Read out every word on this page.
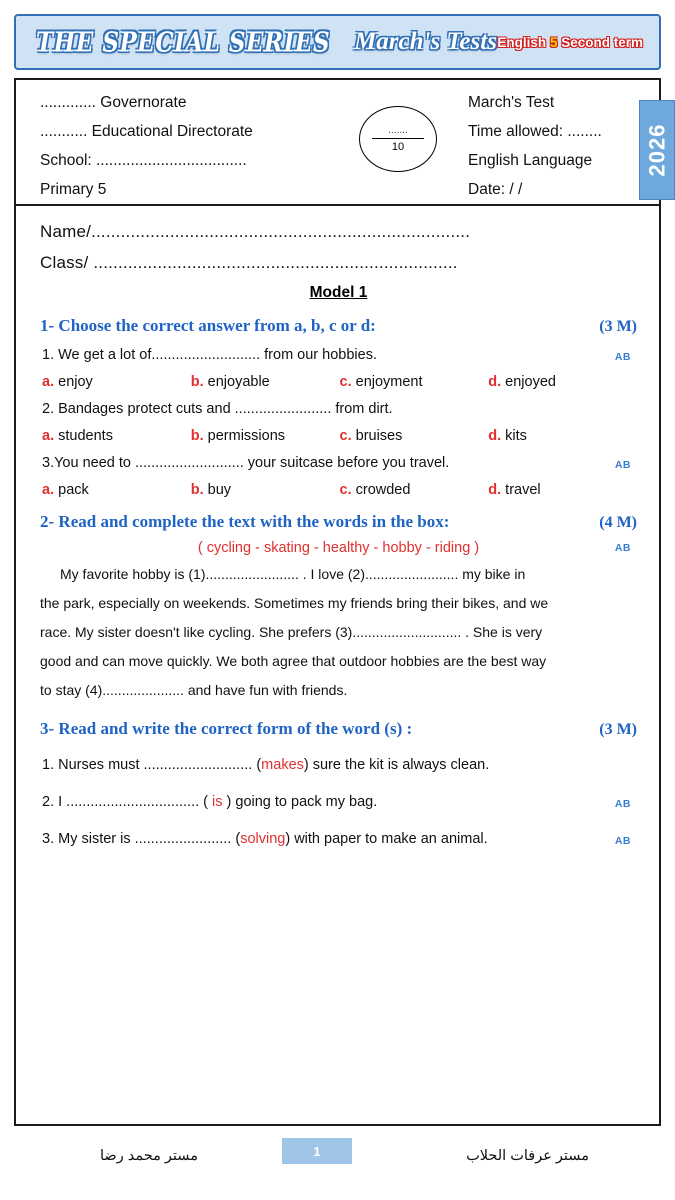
THE SPECIAL SERIES March's Tests English 5 Second term
............. Governorate
........... Educational Directorate
School: ...................................
Primary 5
.......
10
March's Test
Time allowed: ........
English Language
Date: / /
2026
Name/.............................................................................
Class/ ..........................................................................
Model 1
1- Choose the correct answer from a, b, c or d:	(3 M)
1. We get a lot of........................... from our hobbies.	AB
a. enjoy	b. enjoyable	c. enjoyment	d. enjoyed
2. Bandages protect cuts and ........................ from dirt.
a. students	b. permissions	c. bruises	d. kits
3.You need to ........................... your suitcase before you travel.	AB
a. pack	b. buy	c. crowded	d. travel
2- Read and complete the text with the words in the box:	(4 M)
( cycling - skating - healthy - hobby - riding )	AB
My favorite hobby is (1)........................ . I love (2)........................ my bike in
the park, especially on weekends. Sometimes my friends bring their bikes, and we
race. My sister doesn't like cycling. She prefers (3)............................ . She is very
good and can move quickly. We both agree that outdoor hobbies are the best way
to stay (4)..................... and have fun with friends.
3- Read and write the correct form of the word (s) :	(3 M)
1. Nurses must ........................... (makes) sure the kit is always clean.
2. I ................................. ( is ) going to pack my bag.	AB
3. My sister is ........................ (solving) with paper to make an animal.	AB
مستر محمد رضا	1	مستر عرفات الحلاب
